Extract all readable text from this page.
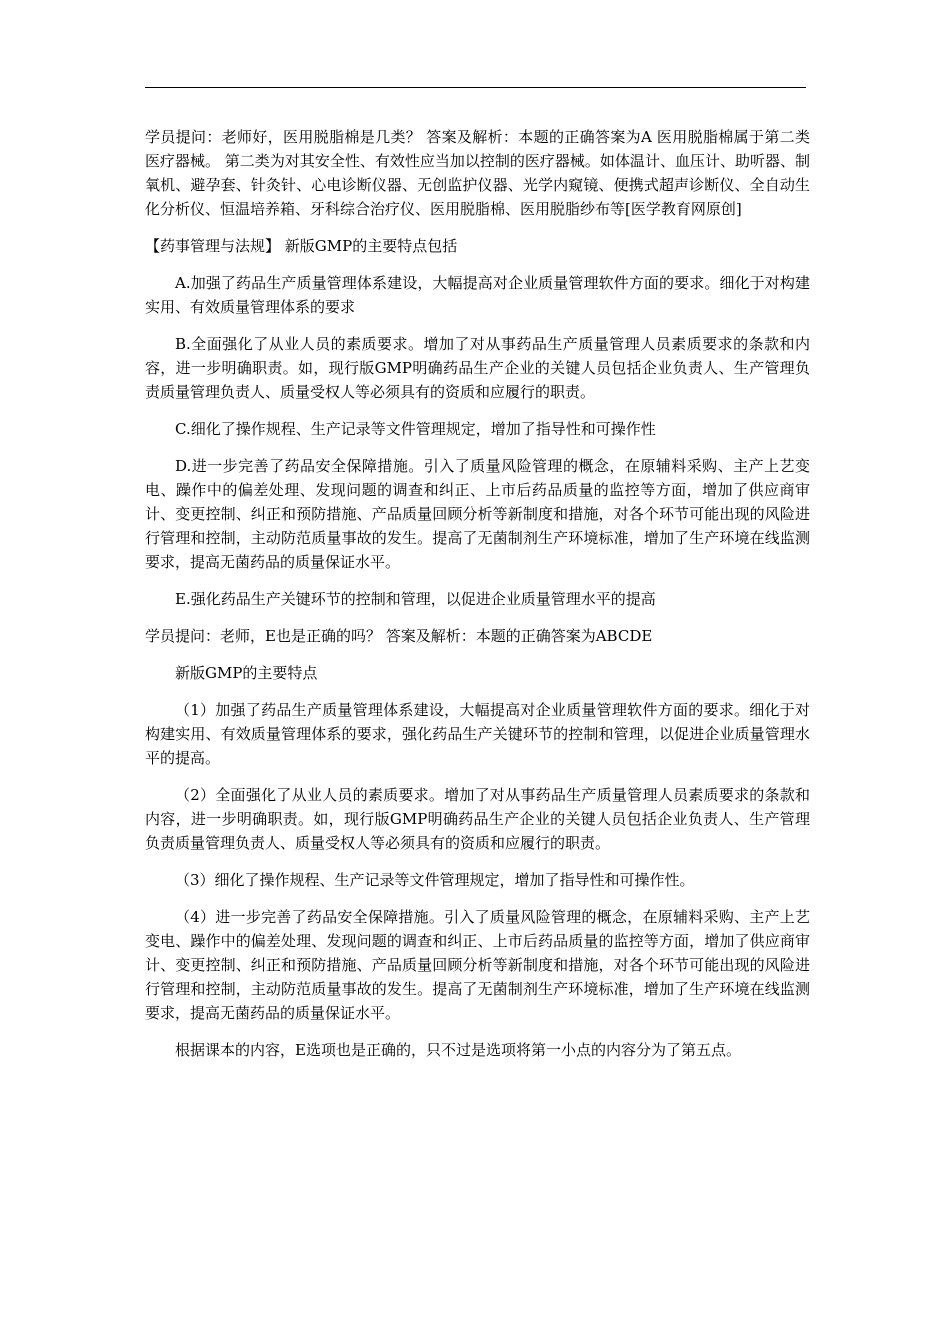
学员提问：老师好，医用脱脂棉是几类？ 答案及解析：本题的正确答案为A 医用脱脂棉属于第二类医疗器械。 第二类为对其安全性、有效性应当加以控制的医疗器械。如体温计、血压计、助听器、制氧机、避孕套、针灸针、心电诊断仪器、无创监护仪器、光学内窥镜、便携式超声诊断仪、全自动生化分析仪、恒温培养箱、牙科综合治疗仪、医用脱脂棉、医用脱脂纱布等[医学教育网原创]

【药事管理与法规】 新版GMP的主要特点包括

A.加强了药品生产质量管理体系建设，大幅提高对企业质量管理软件方面的要求。细化于对构建实用、有效质量管理体系的要求

B.全面强化了从业人员的素质要求。增加了对从事药品生产质量管理人员素质要求的条款和内容，进一步明确职责。如，现行版GMP明确药品生产企业的关键人员包括企业负责人、生产管理负责质量管理负责人、质量受权人等必须具有的资质和应履行的职责。

C.细化了操作规程、生产记录等文件管理规定，增加了指导性和可操作性

D.进一步完善了药品安全保障措施。引入了质量风险管理的概念，在原辅料采购、主产上艺变电、躁作中的偏差处理、发现问题的调查和纠正、上市后药品质量的监控等方面，增加了供应商审计、变更控制、纠正和预防措施、产品质量回顾分析等新制度和措施，对各个环节可能出现的风险进行管理和控制，主动防范质量事故的发生。提高了无菌制剂生产环境标准，增加了生产环境在线监测要求，提高无菌药品的质量保证水平。

E.强化药品生产关键环节的控制和管理，以促进企业质量管理水平的提高

学员提问：老师，E也是正确的吗？ 答案及解析：本题的正确答案为ABCDE

新版GMP的主要特点

（1）加强了药品生产质量管理体系建设，大幅提高对企业质量管理软件方面的要求。细化于对构建实用、有效质量管理体系的要求，强化药品生产关键环节的控制和管理，以促进企业质量管理水平的提高。

（2）全面强化了从业人员的素质要求。增加了对从事药品生产质量管理人员素质要求的条款和内容，进一步明确职责。如，现行版GMP明确药品生产企业的关键人员包括企业负责人、生产管理负责质量管理负责人、质量受权人等必须具有的资质和应履行的职责。

（3）细化了操作规程、生产记录等文件管理规定，增加了指导性和可操作性。

（4）进一步完善了药品安全保障措施。引入了质量风险管理的概念，在原辅料采购、主产上艺变电、躁作中的偏差处理、发现问题的调查和纠正、上市后药品质量的监控等方面，增加了供应商审计、变更控制、纠正和预防措施、产品质量回顾分析等新制度和措施，对各个环节可能出现的风险进行管理和控制，主动防范质量事故的发生。提高了无菌制剂生产环境标准，增加了生产环境在线监测要求，提高无菌药品的质量保证水平。

根据课本的内容，E选项也是正确的，只不过是选项将第一小点的内容分为了第五点。
